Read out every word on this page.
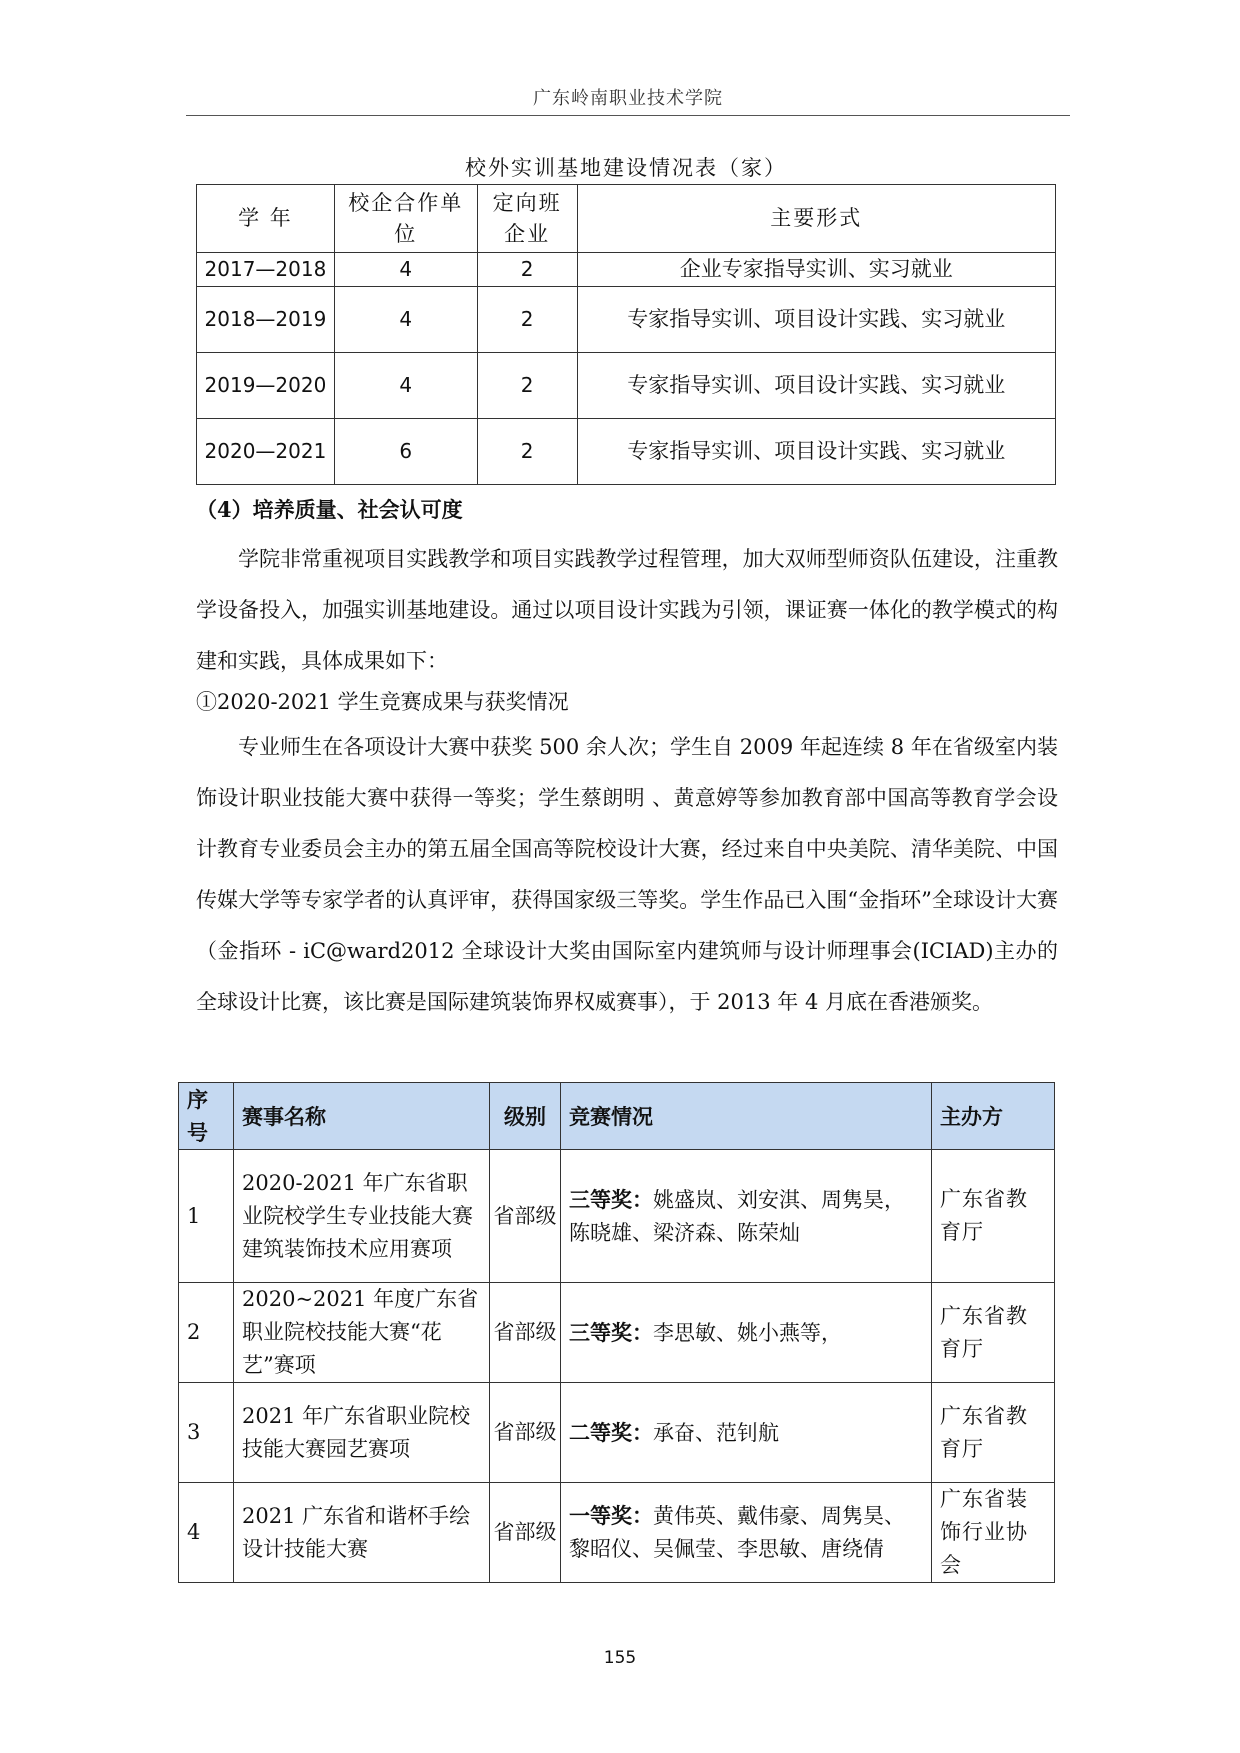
广东岭南职业技术学院
校外实训基地建设情况表（家）
学 年	校企合作单位	定向班企业	主要形式
2017—2018	4	2	企业专家指导实训、实习就业
2018—2019	4	2	专家指导实训、项目设计实践、实习就业
2019—2020	4	2	专家指导实训、项目设计实践、实习就业
2020—2021	6	2	专家指导实训、项目设计实践、实习就业
（4）培养质量、社会认可度

学院非常重视项目实践教学和项目实践教学过程管理，加大双师型师资队伍建设，注重教学设备投入，加强实训基地建设。通过以项目设计实践为引领，课证赛一体化的教学模式的构建和实践，具体成果如下：

①2020-2021 学生竞赛成果与获奖情况

专业师生在各项设计大赛中获奖 500 余人次；学生自 2009 年起连续 8 年在省级室内装饰设计职业技能大赛中获得一等奖；学生蔡朗明 、黄意婷等参加教育部中国高等教育学会设计教育专业委员会主办的第五届全国高等院校设计大赛，经过来自中央美院、清华美院、中国传媒大学等专家学者的认真评审，获得国家级三等奖。学生作品已入围“金指环”全球设计大赛（金指环 - iC@ward2012 全球设计大奖由国际室内建筑师与设计师理事会(ICIAD)主办的全球设计比赛，该比赛是国际建筑装饰界权威赛事），于 2013 年 4 月底在香港颁奖。

序号	赛事名称	级别	竞赛情况	主办方
1	2020-2021 年广东省职业院校学生专业技能大赛建筑装饰技术应用赛项	省部级	三等奖：姚盛岚、刘安淇、周隽昊，陈晓雄、梁济森、陈荣灿	广东省教育厅
2	2020~2021 年度广东省职业院校技能大赛“花艺”赛项	省部级	三等奖：李思敏、姚小燕等，	广东省教育厅
3	2021 年广东省职业院校技能大赛园艺赛项	省部级	二等奖：承奋、范钊航	广东省教育厅
4	2021 广东省和谐杯手绘设计技能大赛	省部级	一等奖：黄伟英、戴伟豪、周隽昊、黎昭仪、吴佩莹、李思敏、唐绕倩	广东省装饰行业协会
155
